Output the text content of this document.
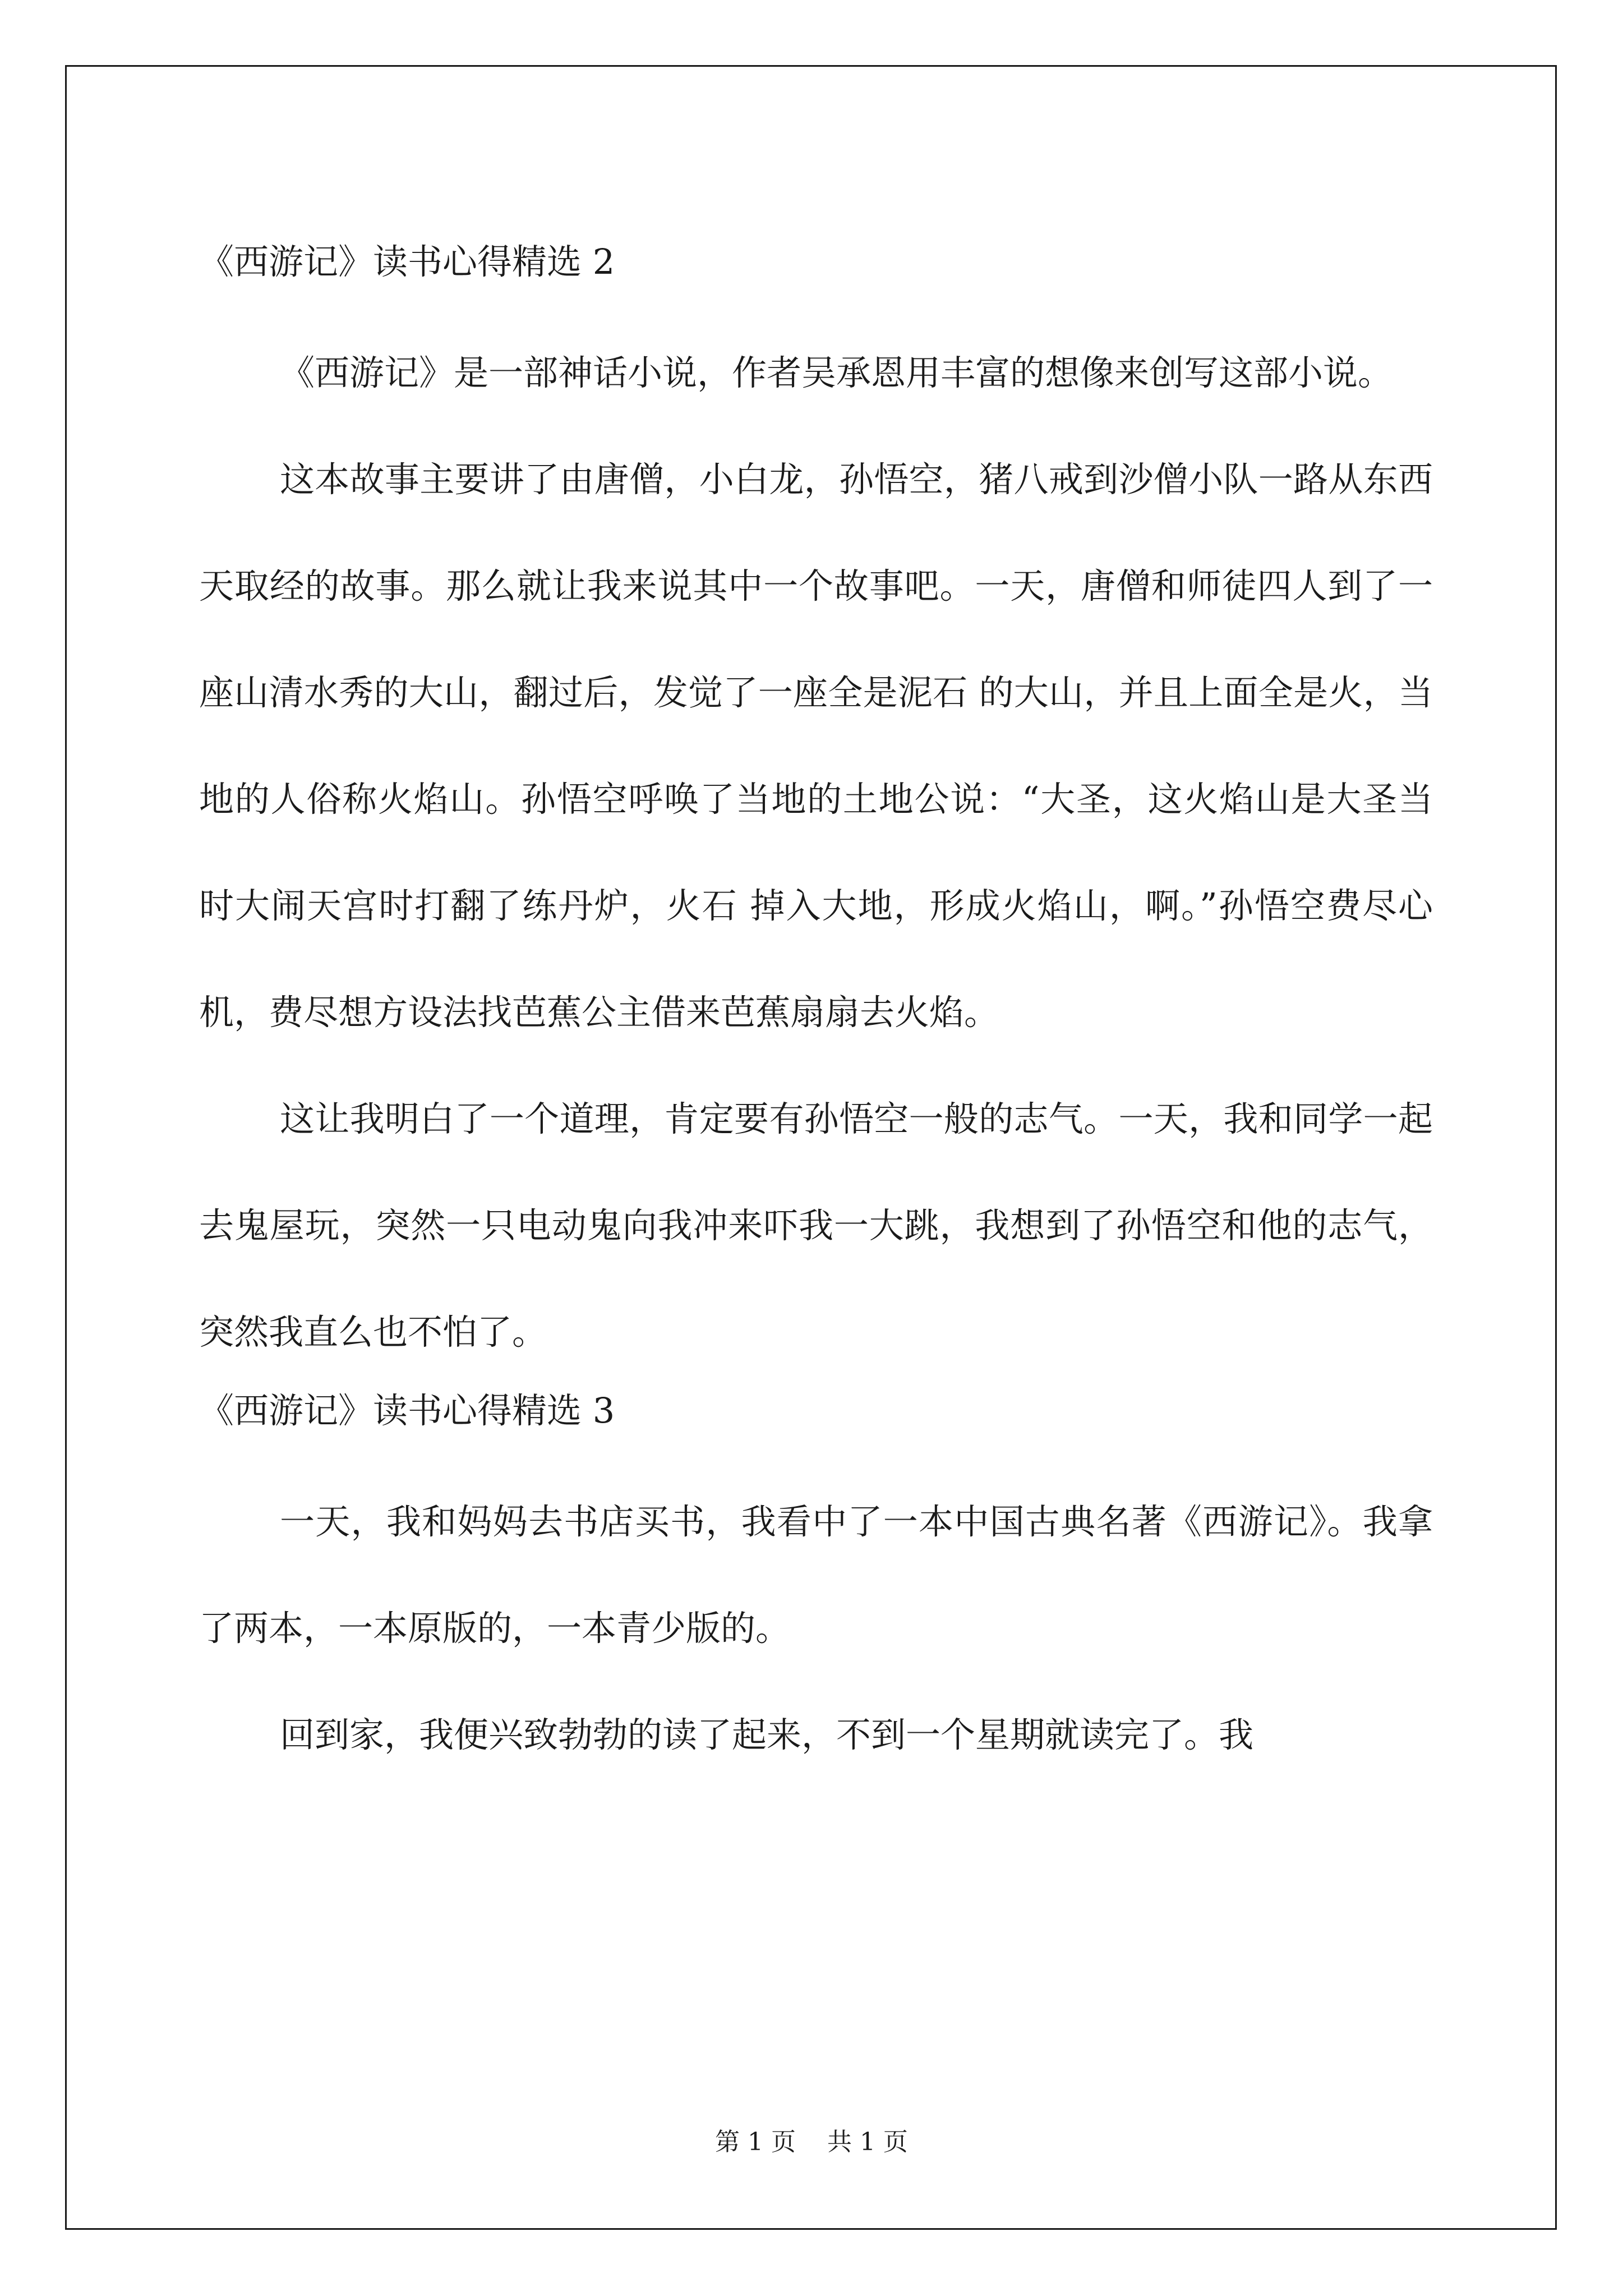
《西游记》读书心得精选 2

《西游记》是一部神话小说，作者吴承恩用丰富的想像来创写这部小说。

这本故事主要讲了由唐僧，小白龙，孙悟空，猪八戒到沙僧小队一路从东西天取经的故事。那么就让我来说其中一个故事吧。一天，唐僧和师徒四人到了一座山清水秀的大山，翻过后，发觉了一座全是泥石 的大山，并且上面全是火，当地的人俗称火焰山。孙悟空呼唤了当地的土地公说：“大圣，这火焰山是大圣当时大闹天宫时打翻了练丹炉，火石 掉入大地，形成火焰山，啊。”孙悟空费尽心机，费尽想方设法找芭蕉公主借来芭蕉扇扇去火焰。

这让我明白了一个道理，肯定要有孙悟空一般的志气。一天，我和同学一起去鬼屋玩，突然一只电动鬼向我冲来吓我一大跳，我想到了孙悟空和他的志气，突然我直么也不怕了。

《西游记》读书心得精选 3

一天，我和妈妈去书店买书，我看中了一本中国古典名著《西游记》。我拿了两本，一本原版的，一本青少版的。

回到家，我便兴致勃勃的读了起来，不到一个星期就读完了。我

第 1 页    共 1 页
